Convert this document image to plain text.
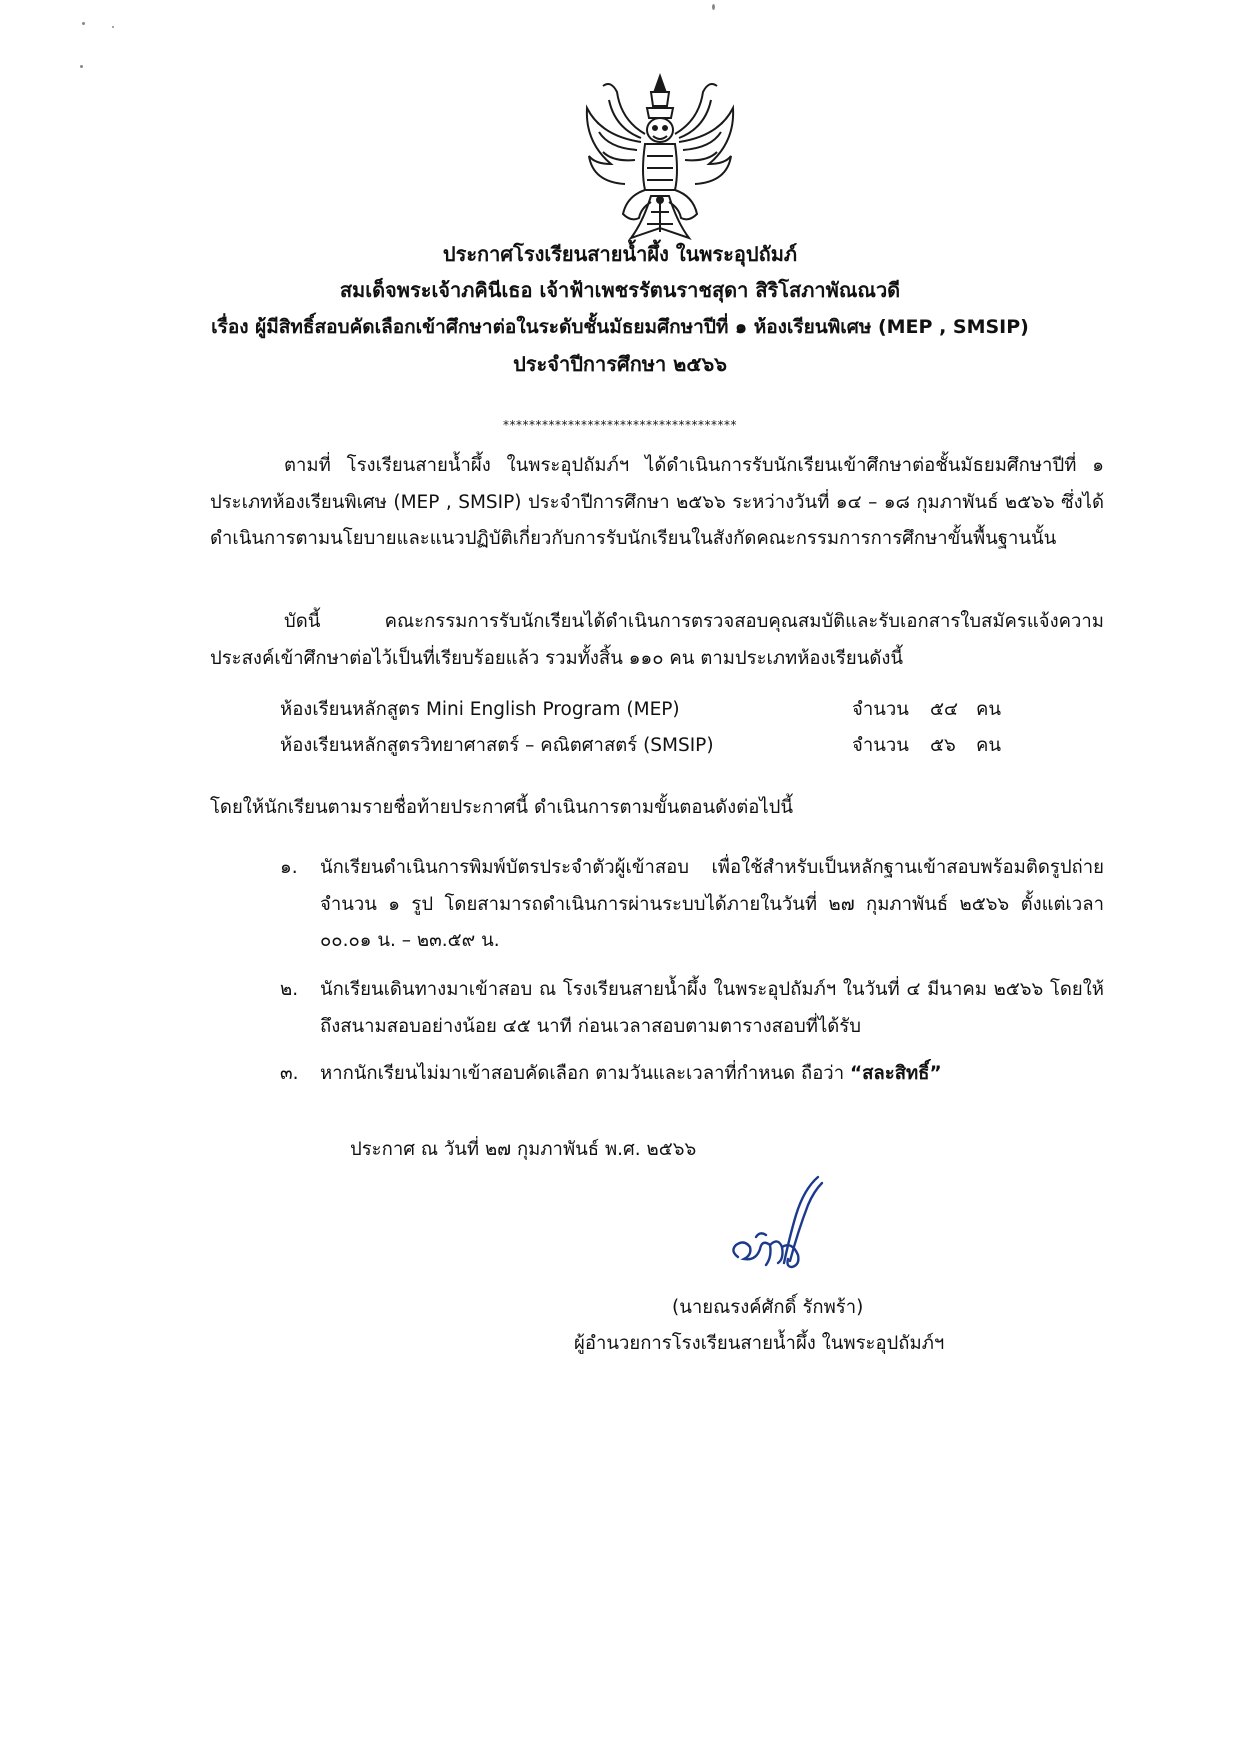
ประกาศโรงเรียนสายน้ำผึ้ง ในพระอุปถัมภ์
สมเด็จพระเจ้าภคินีเธอ เจ้าฟ้าเพชรรัตนราชสุดา สิริโสภาพัณณวดี
เรื่อง ผู้มีสิทธิ์สอบคัดเลือกเข้าศึกษาต่อในระดับชั้นมัธยมศึกษาปีที่ ๑ ห้องเรียนพิเศษ (MEP , SMSIP)
ประจำปีการศึกษา ๒๕๖๖
************************************
ตามที่ โรงเรียนสายน้ำผึ้ง ในพระอุปถัมภ์ฯ ได้ดำเนินการรับนักเรียนเข้าศึกษาต่อชั้นมัธยมศึกษาปีที่ ๑ ประเภทห้องเรียนพิเศษ (MEP , SMSIP) ประจำปีการศึกษา ๒๕๖๖ ระหว่างวันที่ ๑๔ – ๑๘ กุมภาพันธ์ ๒๕๖๖ ซึ่งได้ดำเนินการตามนโยบายและแนวปฏิบัติเกี่ยวกับการรับนักเรียนในสังกัดคณะกรรมการการศึกษาขั้นพื้นฐานนั้น
บัดนี้ คณะกรรมการรับนักเรียนได้ดำเนินการตรวจสอบคุณสมบัติและรับเอกสารใบสมัครแจ้งความประสงค์เข้าศึกษาต่อไว้เป็นที่เรียบร้อยแล้ว รวมทั้งสิ้น ๑๑๐ คน ตามประเภทห้องเรียนดังนี้
ห้องเรียนหลักสูตร Mini English Program (MEP)	จำนวน ๕๔ คน
ห้องเรียนหลักสูตรวิทยาศาสตร์ – คณิตศาสตร์ (SMSIP)	จำนวน ๕๖ คน
โดยให้นักเรียนตามรายชื่อท้ายประกาศนี้ ดำเนินการตามขั้นตอนดังต่อไปนี้
๑. นักเรียนดำเนินการพิมพ์บัตรประจำตัวผู้เข้าสอบ เพื่อใช้สำหรับเป็นหลักฐานเข้าสอบพร้อมติดรูปถ่ายจำนวน ๑ รูป โดยสามารถดำเนินการผ่านระบบได้ภายในวันที่ ๒๗ กุมภาพันธ์ ๒๕๖๖ ตั้งแต่เวลา ๐๐.๐๑ น. – ๒๓.๕๙ น.
๒. นักเรียนเดินทางมาเข้าสอบ ณ โรงเรียนสายน้ำผึ้ง ในพระอุปถัมภ์ฯ ในวันที่ ๔ มีนาคม ๒๕๖๖ โดยให้ถึงสนามสอบอย่างน้อย ๔๕ นาที ก่อนเวลาสอบตามตารางสอบที่ได้รับ
๓. หากนักเรียนไม่มาเข้าสอบคัดเลือก ตามวันและเวลาที่กำหนด ถือว่า “สละสิทธิ์”
ประกาศ ณ วันที่ ๒๗ กุมภาพันธ์ พ.ศ. ๒๕๖๖
(นายณรงค์ศักดิ์ รักพร้า)
ผู้อำนวยการโรงเรียนสายน้ำผึ้ง ในพระอุปถัมภ์ฯ
